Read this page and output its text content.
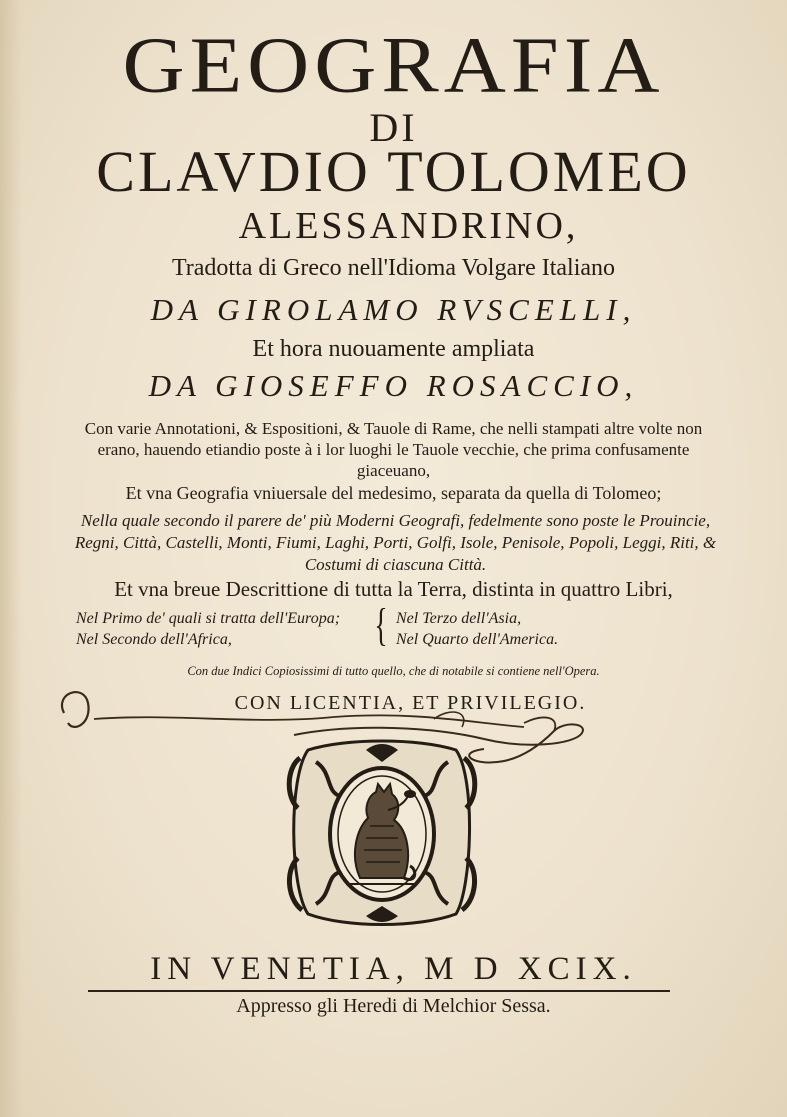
GEOGRAFIA
DI
CLAVDIO TOLOMEO
ALESSANDRINO,
Tradotta di Greco nell'Idioma Volgare Italiano
DA GIROLAMO RVSCELLI,
Et hora nuouamente ampliata
DA GIOSEFFO ROSACCIO,
Con varie Annotationi, & Espositioni, & Tauole di Rame, che nelli stampati altre volte non erano, hauendo etiandio poste à i lor luoghi le Tauole vecchie, che prima confusamente giaceuano,
Et vna Geografia vniuersale del medesimo, separata da quella di Tolomeo;
Nella quale secondo il parere de' più Moderni Geografi, fedelmente sono poste le Prouincie, Regni, Città, Castelli, Monti, Fiumi, Laghi, Porti, Golfi, Isole, Penisole, Popoli, Leggi, Riti, & Costumi di ciascuna Città.
Et vna breue Descrittione di tutta la Terra, distinta in quattro Libri,
Nel Primo de' quali si tratta dell'Europa;
Nel Secondo dell'Africa,	{ Nel Terzo dell'Asia,
Nel Quarto dell'America.
Con due Indici Copiosissimi di tutto quello, che di notabile si contiene nell'Opera.
CON LICENTIA, ET PRIVILEGIO.
IN VENETIA, M D XCIX.
Appresso gli Heredi di Melchior Sessa.
